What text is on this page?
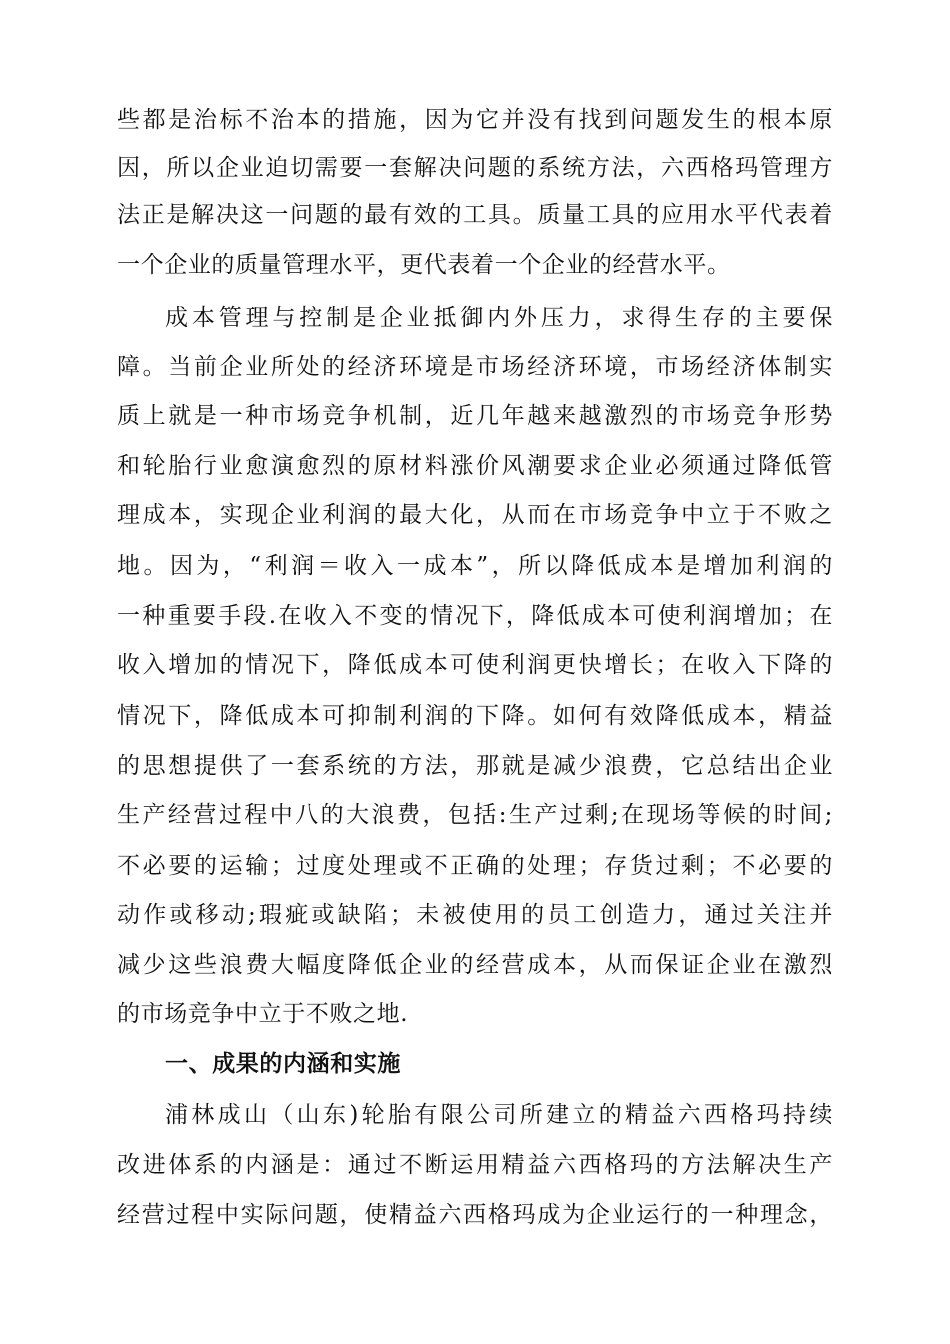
些都是治标不治本的措施，因为它并没有找到问题发生的根本原
因，所以企业迫切需要一套解决问题的系统方法，六西格玛管理方
法正是解决这一问题的最有效的工具。质量工具的应用水平代表着
一个企业的质量管理水平，更代表着一个企业的经营水平。
成本管理与控制是企业抵御内外压力，求得生存的主要保
障。当前企业所处的经济环境是市场经济环境，市场经济体制实
质上就是一种市场竞争机制，近几年越来越激烈的市场竞争形势
和轮胎行业愈演愈烈的原材料涨价风潮要求企业必须通过降低管
理成本，实现企业利润的最大化，从而在市场竞争中立于不败之
地。因为，“利润＝收入一成本”，所以降低成本是增加利润的
一种重要手段.在收入不变的情况下，降低成本可使利润增加；在
收入增加的情况下，降低成本可使利润更快增长；在收入下降的
情况下，降低成本可抑制利润的下降。如何有效降低成本，精益
的思想提供了一套系统的方法，那就是减少浪费，它总结出企业
生产经营过程中八的大浪费，包括:生产过剩;在现场等候的时间;
不必要的运输；过度处理或不正确的处理；存货过剩；不必要的
动作或移动;瑕疵或缺陷；未被使用的员工创造力，通过关注并
减少这些浪费大幅度降低企业的经营成本，从而保证企业在激烈
的市场竞争中立于不败之地.
一、成果的内涵和实施
浦林成山（山东)轮胎有限公司所建立的精益六西格玛持续
改进体系的内涵是：通过不断运用精益六西格玛的方法解决生产
经营过程中实际问题，使精益六西格玛成为企业运行的一种理念，
